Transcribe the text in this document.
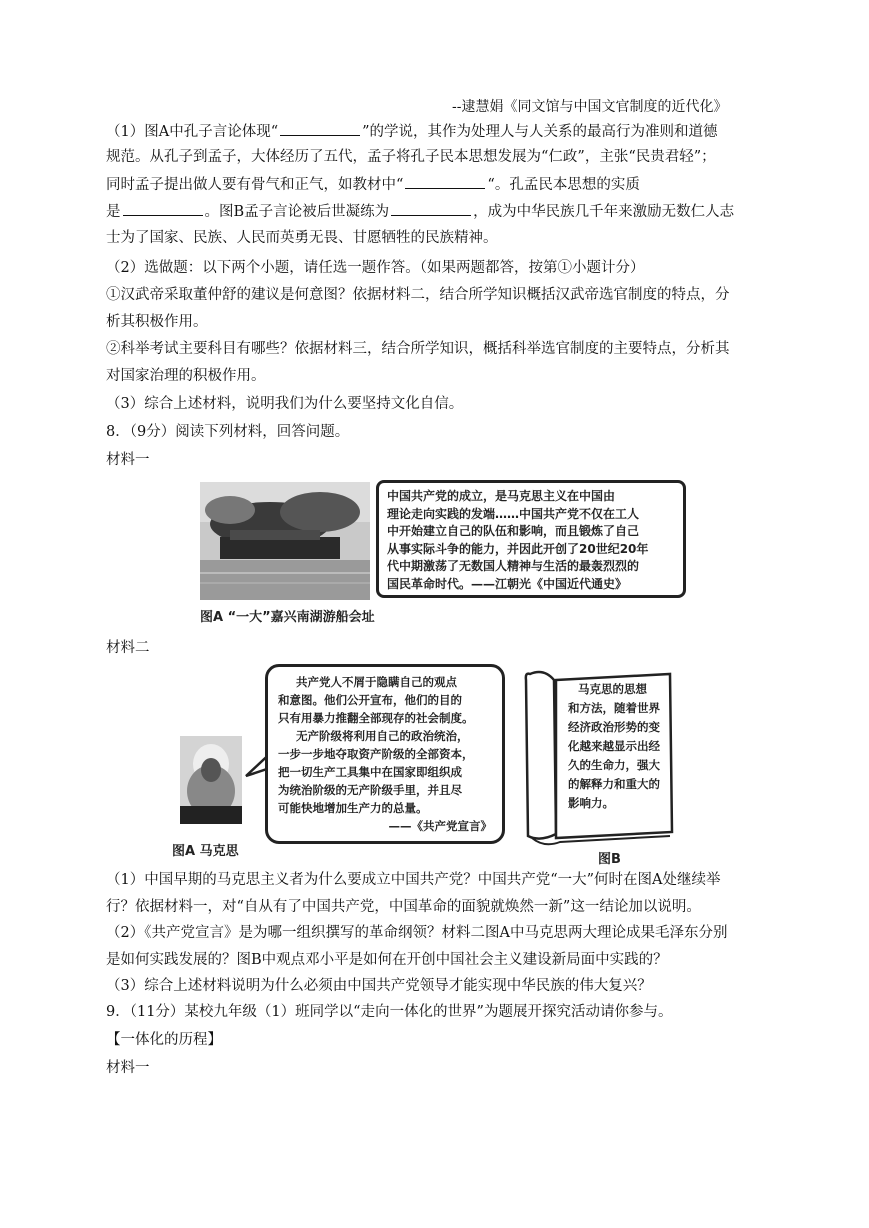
--逮慧娟《同文馆与中国文官制度的近代化》
（1）图A中孔子言论体现“	”的学说，其作为处理人与人关系的最高行为准则和道德
规范。从孔子到孟子，大体经历了五代，孟子将孔子民本思想发展为“仁政”，主张“民贵君轻”；
同时孟子提出做人要有骨气和正气，如教材中“	“。孔孟民本思想的实质
是	。图B孟子言论被后世凝练为	，成为中华民族几千年来激励无数仁人志
士为了国家、民族、人民而英勇无畏、甘愿牺牲的民族精神。
（2）选做题：以下两个小题，请任选一题作答。（如果两题都答，按第①小题计分）
①汉武帝采取董仲舒的建议是何意图？依据材料二，结合所学知识概括汉武帝选官制度的特点，分
析其积极作用。
②科举考试主要科目有哪些？依据材料三，结合所学知识，概括科举选官制度的主要特点，分析其
对国家治理的积极作用。
（3）综合上述材料，说明我们为什么要坚持文化自信。
8．（9分）阅读下列材料，回答问题。
材料一
图A “一大”嘉兴南湖游船会址
中国共产党的成立，是马克思主义在中国由
理论走向实践的发端……中国共产党不仅在工人
中开始建立自己的队伍和影响，而且锻炼了自己
从事实际斗争的能力，并因此开创了20世纪20年
代中期激荡了无数国人精神与生活的最轰烈烈的
国民革命时代。——江朝光《中国近代通史》
材料二
图A 马克思
共产党人不屑于隐瞒自己的观点
和意图。他们公开宣布，他们的目的
只有用暴力推翻全部现存的社会制度。
无产阶级将利用自己的政治统治，
一步一步地夺取资产阶级的全部资本，
把一切生产工具集中在国家即组织成
为统治阶级的无产阶级手里，并且尽
可能快地增加生产力的总量。
——《共产党宣言》
马克思的思想
和方法，随着世界
经济政治形势的变
化越来越显示出经
久的生命力，强大
的解释力和重大的
影响力。
图B
（1）中国早期的马克思主义者为什么要成立中国共产党？中国共产党“一大”何时在图A处继续举
行？依据材料一，对“自从有了中国共产党，中国革命的面貌就焕然一新”这一结论加以说明。
（2）《共产党宣言》是为哪一组织撰写的革命纲领？材料二图A中马克思两大理论成果毛泽东分别
是如何实践发展的？图B中观点邓小平是如何在开创中国社会主义建设新局面中实践的？
（3）综合上述材料说明为什么必须由中国共产党领导才能实现中华民族的伟大复兴？
9．（11分）某校九年级（1）班同学以“走向一体化的世界”为题展开探究活动请你参与。
【一体化的历程】
材料一
